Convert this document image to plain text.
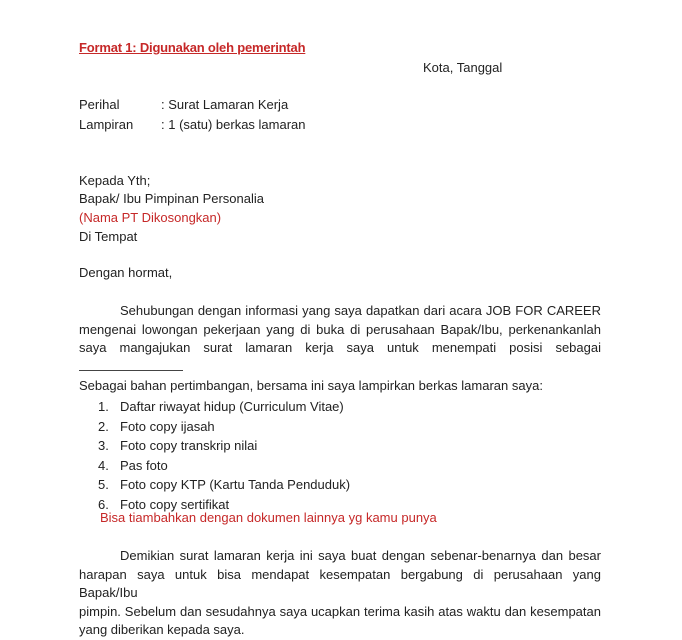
Format 1: Digunakan oleh pemerintah
Kota, Tanggal
Perihal	: Surat Lamaran Kerja
Lampiran : 1 (satu) berkas lamaran
Kepada Yth;
Bapak/ Ibu Pimpinan Personalia
(Nama PT Dikosongkan)
Di Tempat
Dengan hormat,
Sehubungan dengan informasi yang saya dapatkan dari acara JOB FOR CAREER
mengenai lowongan pekerjaan yang di buka di perusahaan Bapak/Ibu, perkenankanlah
saya mangajukan surat lamaran kerja saya untuk menempati posisi sebagai
Sebagai bahan pertimbangan, bersama ini saya lampirkan berkas lamaran saya:
1. Daftar riwayat hidup (Curriculum Vitae)
2. Foto copy ijasah
3. Foto copy transkrip nilai
4. Pas foto
5. Foto copy KTP (Kartu Tanda Penduduk)
6. Foto copy sertifikat
Bisa tiambahkan dengan dokumen lainnya yg kamu punya
Demikian surat lamaran kerja ini saya buat dengan sebenar-benarnya dan besar
harapan saya untuk bisa mendapat kesempatan bergabung di perusahaan yang Bapak/Ibu
pimpin. Sebelum dan sesudahnya saya ucapkan terima kasih atas waktu dan kesempatan
yang diberikan kepada saya.
